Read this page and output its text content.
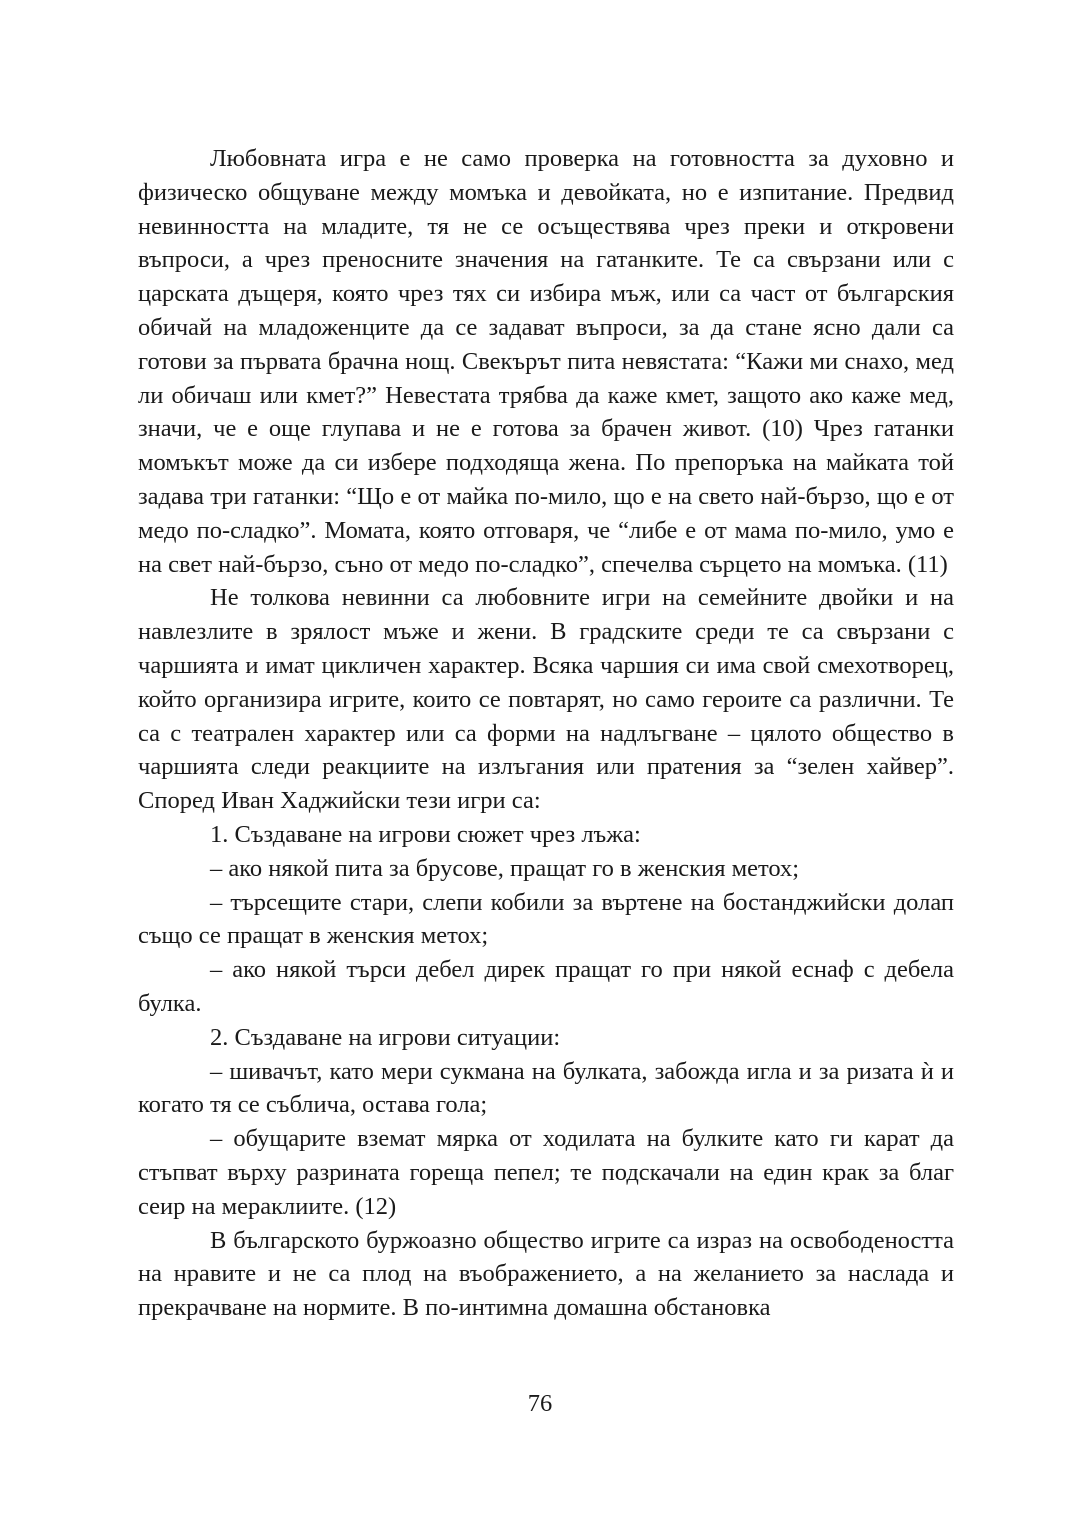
Любовната игра е не само проверка на готовността за духовно и физическо общуване между момъка и девойката, но е изпитание. Предвид невинността на младите, тя не се осъществява чрез преки и откровени въпроси, а чрез преносните значения на гатанките. Те са свързани или с царската дъщеря, която чрез тях си избира мъж, или са част от българския обичай на младоженците да се задават въпроси, за да стане ясно дали са готови за първата брачна нощ. Свекърът пита невястата: “Кажи ми снахо, мед ли обичаш или кмет?” Невестата трябва да каже кмет, защото ако каже мед, значи, че е още глупава и не е готова за брачен живот. (10) Чрез гатанки момъкът може да си избере подходяща жена. По препоръка на майката той задава три гатанки: “Що е от майка по-мило, що е на свето най-бързо, що е от медо по-сладко”. Момата, която отговаря, че “либе е от мама по-мило, умо е на свет най-бързо, съно от медо по-сладко”, спечелва сърцето на момъка. (11)

Не толкова невинни са любовните игри на семейните двойки и на навлезлите в зрялост мъже и жени. В градските среди те са свързани с чаршията и имат цикличен характер. Всяка чаршия си има свой смехотворец, който организира игрите, които се повтарят, но само героите са различни. Те са с театрален характер или са форми на надлъгване – цялото общество в чаршията следи реакциите на излъгания или пратения за “зелен хайвер”. Според Иван Хаджийски тези игри са:

1. Създаване на игрови сюжет чрез лъжа:

– ако някой пита за брусове, пращат го в женския метох;

– търсещите стари, слепи кобили за въртене на бостанджийски долап също се пращат в женския метох;

– ако някой търси дебел дирек пращат го при някой еснаф с дебела булка.

2. Създаване на игрови ситуации:

– шивачът, като мери сукмана на булката, забожда игла и за ризата ѝ и когато тя се съблича, остава гола;

– обущарите вземат мярка от ходилата на булките като ги карат да стъпват върху разрината гореща пепел; те подскачали на един крак за благ сеир на мераклиите. (12)

В българското буржоазно общество игрите са израз на освободеността на нравите и не са плод на въображението, а на желанието за наслада и прекрачване на нормите. В по-интимна домашна обстановка

76
